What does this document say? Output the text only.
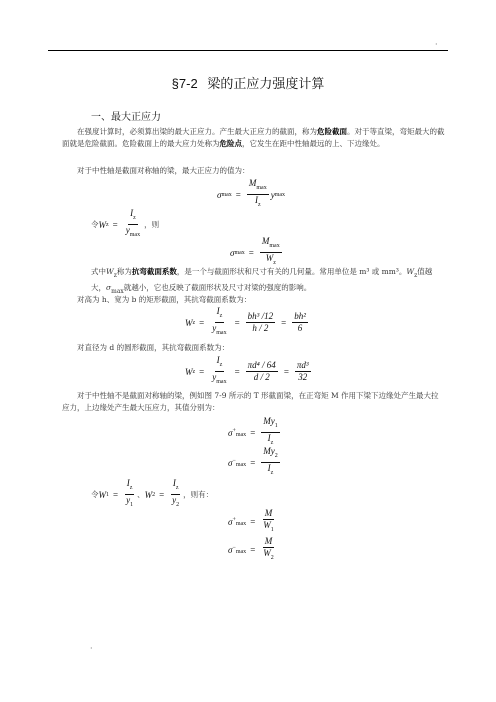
·
§7-2 梁的正应力强度计算
一、最大正应力
在强度计算时，必须算出梁的最大正应力。产生最大正应力的截面，称为危险截面。对于等直梁，弯矩最大的截面就是危险截面。危险截面上的最大应力处称为危险点，它发生在距中性轴最远的上、下边缘处。
对于中性轴是截面对称轴的梁，最大正应力的值为：
σ $\max = \frac{M_{max}}{I_z}$ y max
令 W $z = \frac{I_z}{y_{max}}$ ，则
σ $\max = \frac{M_{max}}{W_z}$
式中$W_z$称为抗弯截面系数，是一个与截面形状和尺寸有关的几何量。常用单位是 m³ 或 mm³。$W_z$值越大，$\sigma_{max}$就越小，它也反映了截面形状及尺寸对梁的强度的影响。
对高为 h、宽为 b 的矩形截面，其抗弯截面系数为：
W $z = \frac{I_z}{y_{max}} = \frac{\text{bh³ /12}}{h / 2} = \frac{\text{bh²}}{6}$
对直径为 d 的圆形截面，其抗弯截面系数为：
W $z = \frac{I_z}{y_{max}} = \frac{\text{πd⁴ / 64}}{d / 2} = \frac{\text{πd³}}{32}$
对于中性轴不是截面对称轴的梁，例如图 7-9 所示的 T 形截面梁，在正弯矩 M 作用下梁下边缘处产生最大拉应力，上边缘处产生最大压应力，其值分别为：
$\sigma +\max = \frac{My_1}{I_z}$
$\sigma -\max = \frac{My_2}{I_z}$
令 W $1 = \frac{I_z}{y_1}$ 、 W $2 = \frac{I_z}{y_2}$ ，则有：
$\sigma +\max = \frac{M}{W_1}$
$\sigma -\max = \frac{M}{W_2}$
·
